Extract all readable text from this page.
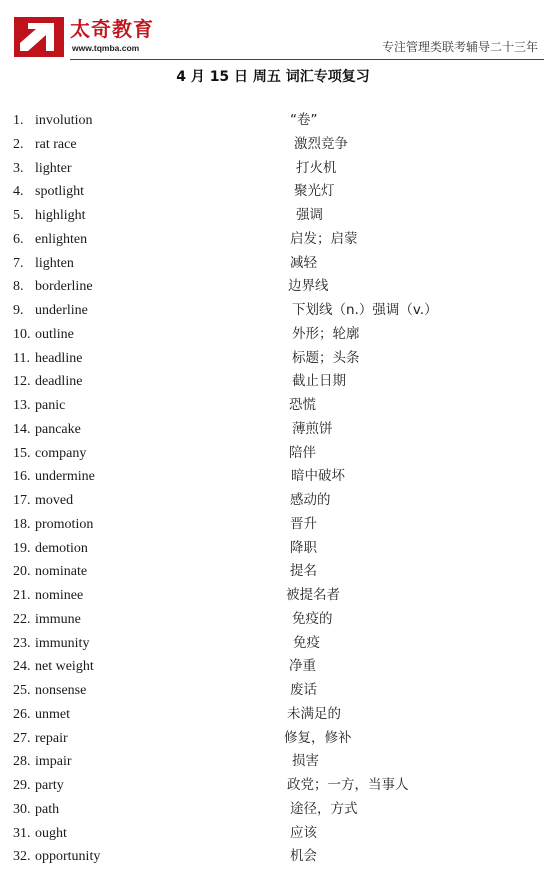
太奇教育
www.tqmba.com	专注管理类联考辅导二十三年
4 月 15 日 周五 词汇专项复习
1. involution	“卷”
2. rat race	激烈竞争
3. lighter	打火机
4. spotlight	聚光灯
5. highlight	强调
6. enlighten	启发；启蒙
7. lighten	减轻
8. borderline	边界线
9. underline	下划线（n.）强调（v.）
10. outline	外形；轮廓
11. headline	标题；头条
12. deadline	截止日期
13. panic	恐慌
14. pancake	薄煎饼
15. company	陪伴
16. undermine	暗中破坏
17. moved	感动的
18. promotion	晋升
19. demotion	降职
20. nominate	提名
21. nominee	被提名者
22. immune	免疫的
23. immunity	免疫
24. net weight	净重
25. nonsense	废话
26. unmet	未满足的
27. repair	修复，修补
28. impair	损害
29. party	政党；一方，当事人
30. path	途径，方式
31. ought	应该
32. opportunity	机会
